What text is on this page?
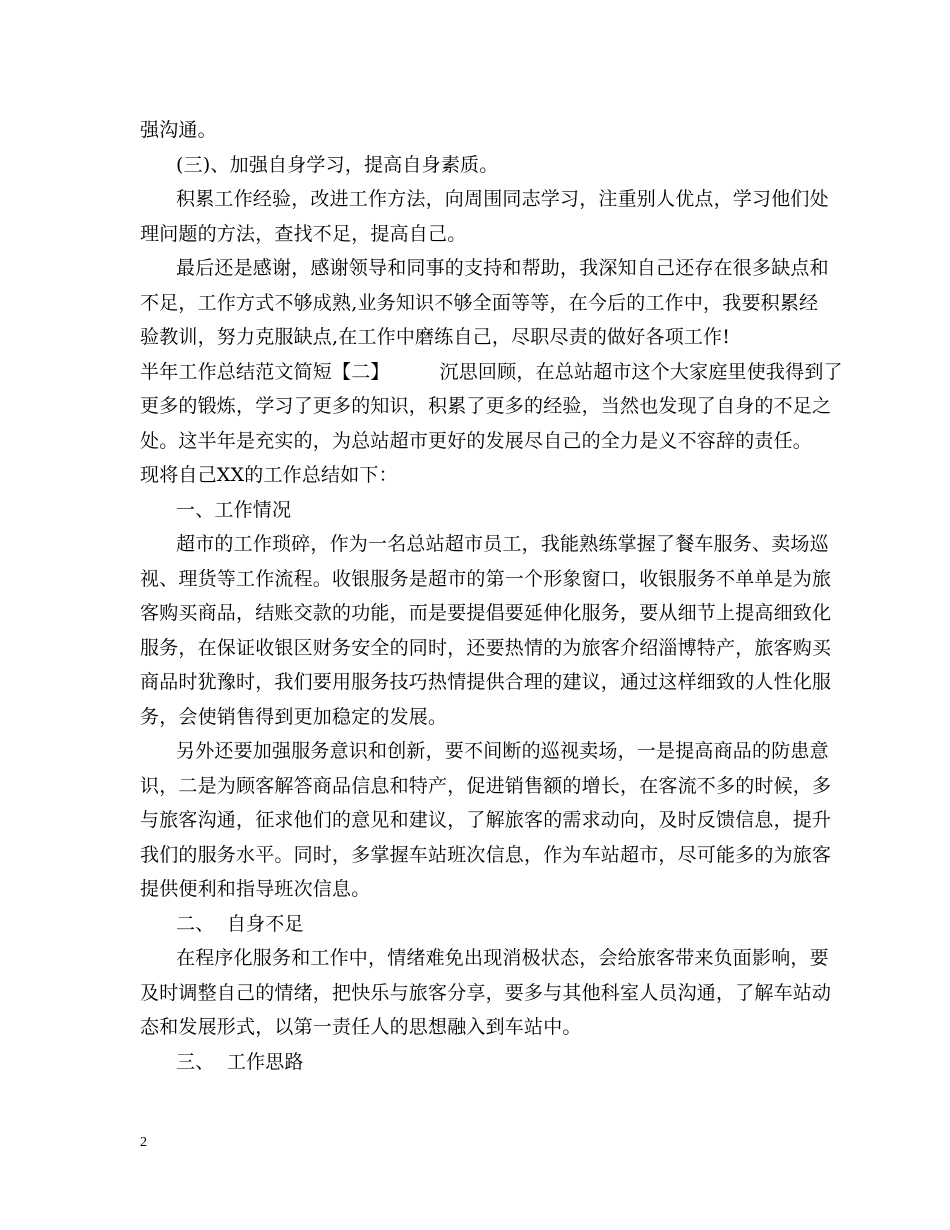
强沟通。
(三)、加强自身学习，提高自身素质。
积累工作经验，改进工作方法，向周围同志学习，注重别人优点，学习他们处
理问题的方法，查找不足，提高自己。
最后还是感谢，感谢领导和同事的支持和帮助，我深知自己还存在很多缺点和
不足，工作方式不够成熟,业务知识不够全面等等，在今后的工作中，我要积累经
验教训，努力克服缺点,在工作中磨练自己，尽职尽责的做好各项工作!
半年工作总结范文简短【二】        沉思回顾，在总站超市这个大家庭里使我得到了
更多的锻炼，学习了更多的知识，积累了更多的经验，当然也发现了自身的不足之
处。这半年是充实的，为总站超市更好的发展尽自己的全力是义不容辞的责任。
现将自己XX的工作总结如下：
一、工作情况
超市的工作琐碎，作为一名总站超市员工，我能熟练掌握了餐车服务、卖场巡
视、理货等工作流程。收银服务是超市的第一个形象窗口，收银服务不单单是为旅
客购买商品，结账交款的功能，而是要提倡要延伸化服务，要从细节上提高细致化
服务，在保证收银区财务安全的同时，还要热情的为旅客介绍淄博特产，旅客购买
商品时犹豫时，我们要用服务技巧热情提供合理的建议，通过这样细致的人性化服
务，会使销售得到更加稳定的发展。
另外还要加强服务意识和创新，要不间断的巡视卖场，一是提高商品的防患意
识，二是为顾客解答商品信息和特产，促进销售额的增长，在客流不多的时候，多
与旅客沟通，征求他们的意见和建议，了解旅客的需求动向，及时反馈信息，提升
我们的服务水平。同时，多掌握车站班次信息，作为车站超市，尽可能多的为旅客
提供便利和指导班次信息。
二、  自身不足
在程序化服务和工作中，情绪难免出现消极状态，会给旅客带来负面影响，要
及时调整自己的情绪，把快乐与旅客分享，要多与其他科室人员沟通，了解车站动
态和发展形式，以第一责任人的思想融入到车站中。
三、  工作思路
2
